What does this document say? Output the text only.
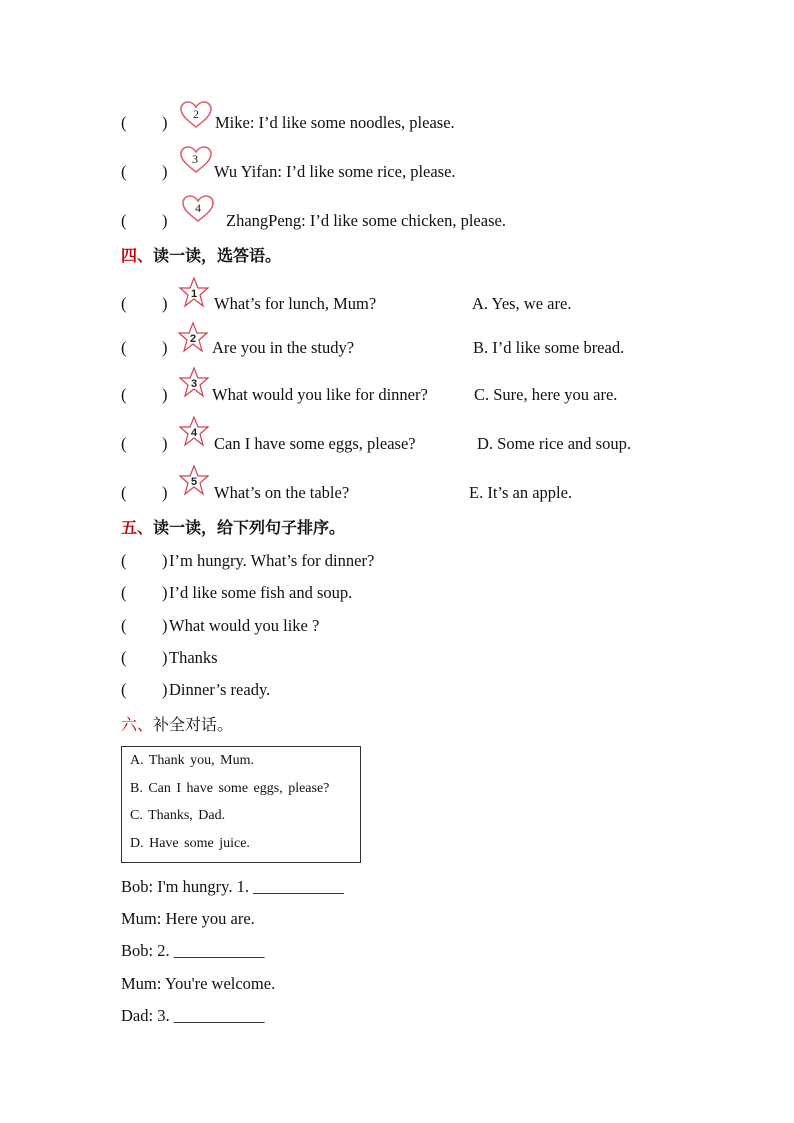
( ) 2 Mike: I’d like some noodles, please.
( )
3
Wu Yifan: I’d like some rice, please.
( )
4
ZhangPeng: I’d like some chicken, please.
四、读一读，选答语。
( ) 1 What’s for lunch, Mum?	A. Yes, we are.
( ) 2 Are you in the study?	B. I’d like some bread.
( )
3
What would you like for dinner?	C. Sure, here you are.
( )
4
Can I have some eggs, please?	D. Some rice and soup.
( )
5
What’s on the table?	E. It’s an apple.
五、读一读，给下列句子排序。
( ) I’m hungry. What’s for dinner?
( ) I’d like some fish and soup.
( ) What would you like ?
( ) Thanks
( ) Dinner’s ready.
六、补全对话。
A. Thank you, Mum.
B. Can I have some eggs, please?
C. Thanks, Dad.
D. Have some juice.
Bob: I'm hungry. 1. ___________
Mum: Here you are.
Bob: 2. ___________
Mum: You're welcome.
Dad: 3. ___________
